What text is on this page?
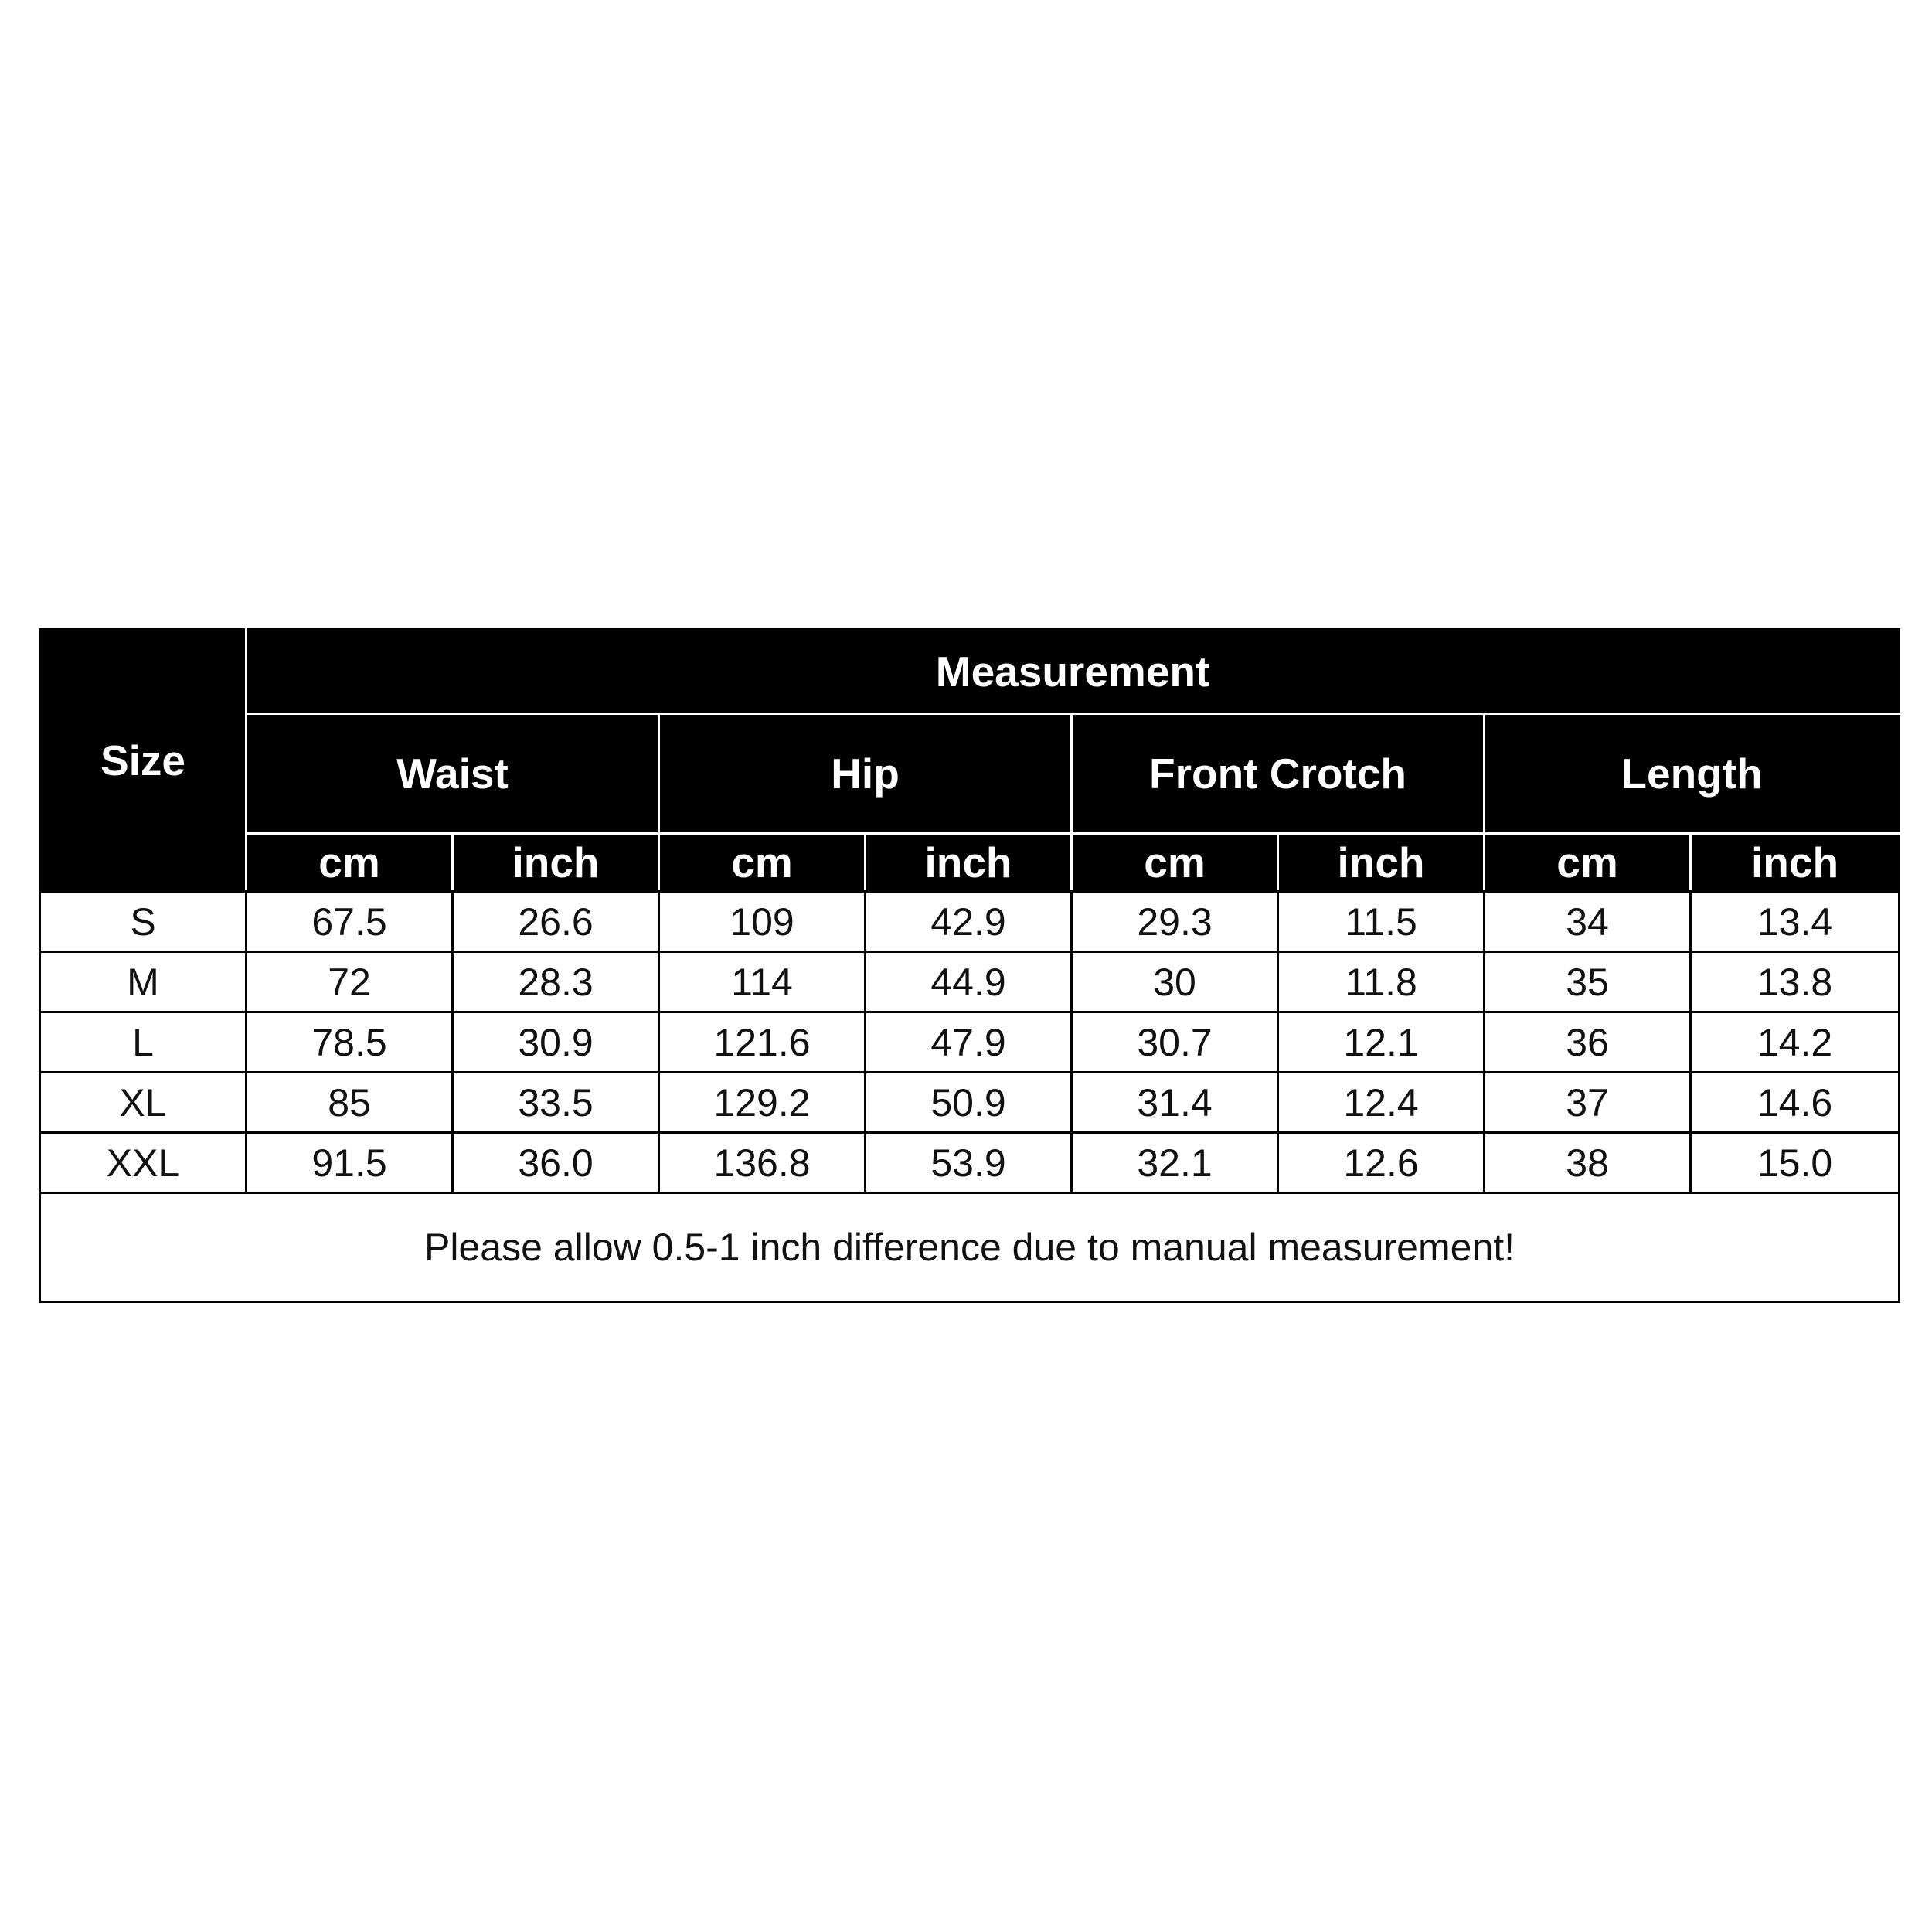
Size	Measurement							
	Waist		Hip		Front Crotch		Length	
	cm	inch	cm	inch	cm	inch	cm	inch
S	67.5	26.6	109	42.9	29.3	11.5	34	13.4
M	72	28.3	114	44.9	30	11.8	35	13.8
L	78.5	30.9	121.6	47.9	30.7	12.1	36	14.2
XL	85	33.5	129.2	50.9	31.4	12.4	37	14.6
XXL	91.5	36.0	136.8	53.9	32.1	12.6	38	15.0
Please allow 0.5-1 inch difference due to manual measurement!								
